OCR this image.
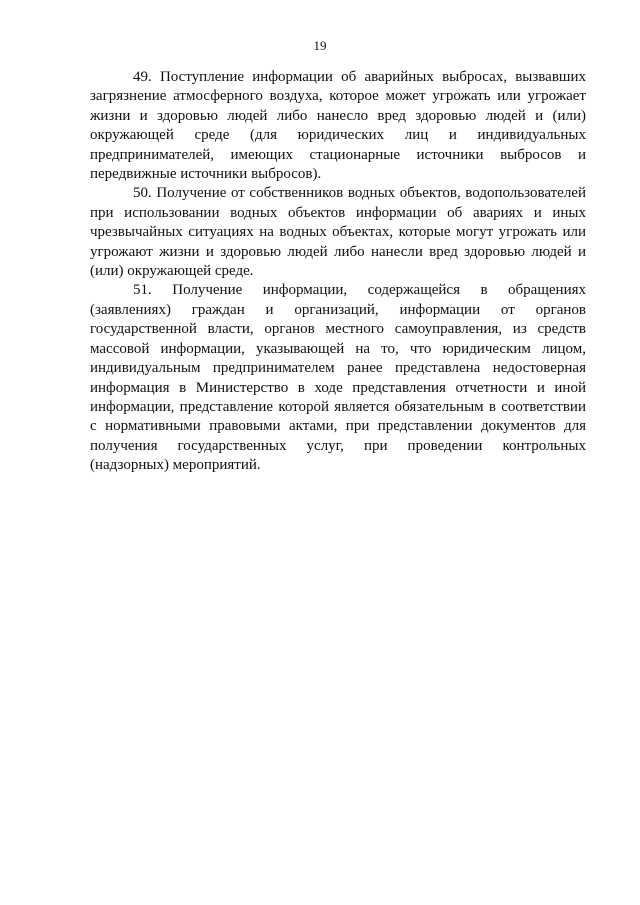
19

49. Поступление информации об аварийных выбросах, вызвавших загрязнение атмосферного воздуха, которое может угрожать или угрожает жизни и здоровью людей либо нанесло вред здоровью людей и (или) окружающей среде (для юридических лиц и индивидуальных предпринимателей, имеющих стационарные источники выбросов и передвижные источники выбросов).

50. Получение от собственников водных объектов, водопользователей при использовании водных объектов информации об авариях и иных чрезвычайных ситуациях на водных объектах, которые могут угрожать или угрожают жизни и здоровью людей либо нанесли вред здоровью людей и (или) окружающей среде.

51. Получение информации, содержащейся в обращениях (заявлениях) граждан и организаций, информации от органов государственной власти, органов местного самоуправления, из средств массовой информации, указывающей на то, что юридическим лицом, индивидуальным предпринимателем ранее представлена недостоверная информация в Министерство в ходе представления отчетности и иной информации, представление которой является обязательным в соответствии с нормативными правовыми актами, при представлении документов для получения государственных услуг, при проведении контрольных (надзорных) мероприятий.
